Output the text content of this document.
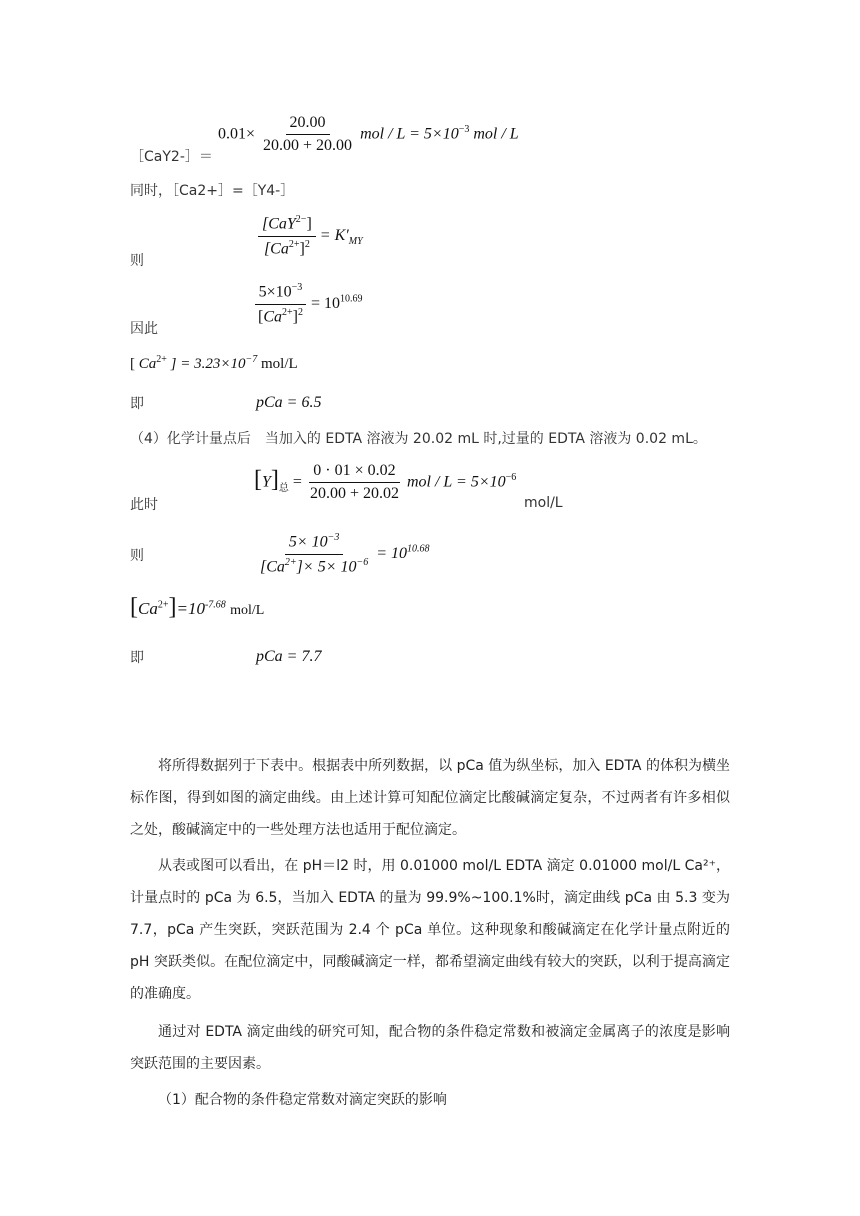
［CaY2-］＝
$0.01\times \frac{20.00}{20.00 + 20.00}$ mol / $L = 5\times 10^{-3}$ mol / L
同时，［Ca2+］=［Y4-］
则
$\frac{[CaY^{2-}]}{[Ca^{2+}]^2} = K'_{MY}$
因此
$\frac{5\times 10^{-3}}{[Ca^{2+}]^2} = 10^{10.69}$
[ $Ca^{2+}$ ] = $3.23\times 10^{-7}$ mol/L
即	pCa = 6.5
（4）化学计量点后　当加入的 EDTA 溶液为 20.02 mL 时,过量的 EDTA 溶液为 0.02 mL。
此时
$[Y]_总 = \frac{0 \cdot 01 \times 0.02}{20.00 + 20.02}$ mol / $L = 5\times 10^{-6}$
mol/L
则	$\frac{5\times 10^{-3}}{[Ca^{2+}]\times 5\times 10^{-6}} = 10^{10.68}$
$[Ca^{2+}]=10^{-7.68}$ mol/L
即	pCa = 7.7
将所得数据列于下表中。根据表中所列数据，以 pCa 值为纵坐标，加入 EDTA 的体积为横坐标作图，得到如图的滴定曲线。由上述计算可知配位滴定比酸碱滴定复杂，不过两者有许多相似之处，酸碱滴定中的一些处理方法也适用于配位滴定。
从表或图可以看出，在 pH＝l2 时，用 0.01000 mol/L EDTA 滴定 0.01000 mol/L Ca²⁺，计量点时的 pCa 为 6.5，当加入 EDTA 的量为 99.9%~100.1%时，滴定曲线 pCa 由 5.3 变为 7.7，pCa 产生突跃，突跃范围为 2.4 个 pCa 单位。这种现象和酸碱滴定在化学计量点附近的 pH 突跃类似。在配位滴定中，同酸碱滴定一样，都希望滴定曲线有较大的突跃，以利于提高滴定的准确度。
通过对 EDTA 滴定曲线的研究可知，配合物的条件稳定常数和被滴定金属离子的浓度是影响突跃范围的主要因素。
（1）配合物的条件稳定常数对滴定突跃的影响
